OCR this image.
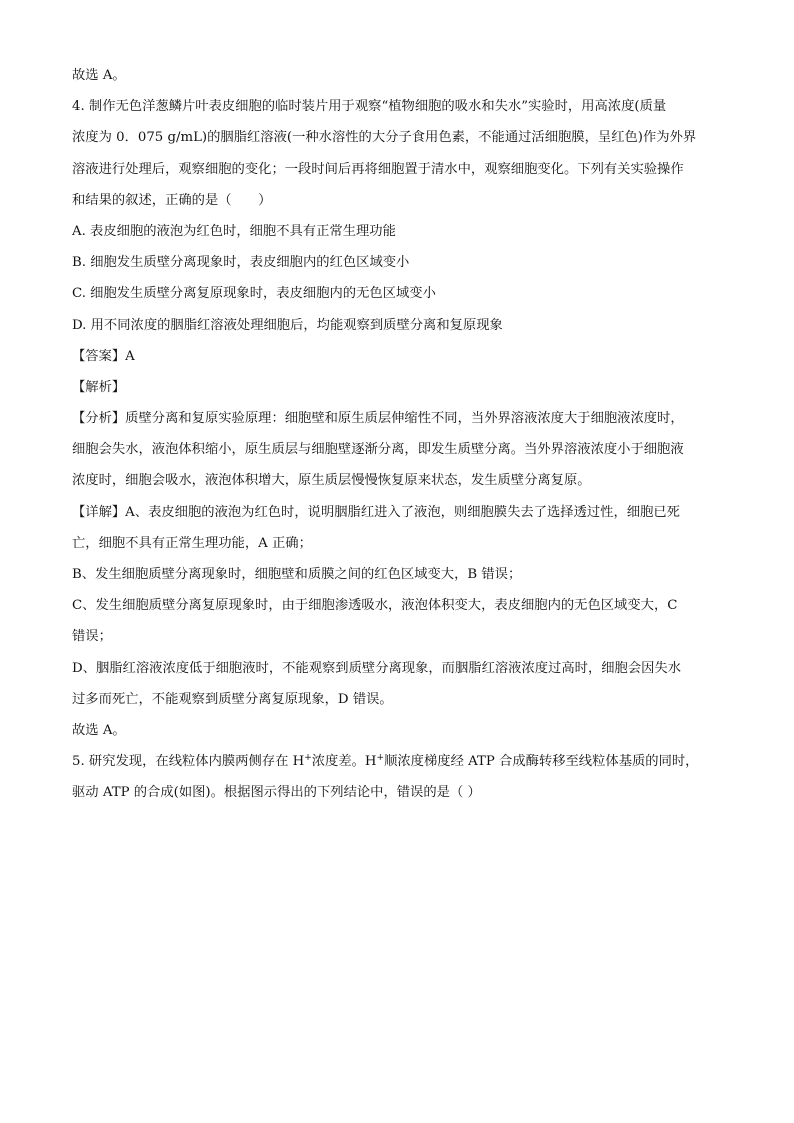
故选 A。
4. 制作无色洋葱鳞片叶表皮细胞的临时装片用于观察“植物细胞的吸水和失水”实验时，用高浓度(质量
浓度为 0．075 g/mL)的胭脂红溶液(一种水溶性的大分子食用色素，不能通过活细胞膜，呈红色)作为外界
溶液进行处理后，观察细胞的变化；一段时间后再将细胞置于清水中，观察细胞变化。下列有关实验操作
和结果的叙述，正确的是（　　）
A. 表皮细胞的液泡为红色时，细胞不具有正常生理功能
B. 细胞发生质壁分离现象时，表皮细胞内的红色区域变小
C. 细胞发生质壁分离复原现象时，表皮细胞内的无色区域变小
D. 用不同浓度的胭脂红溶液处理细胞后，均能观察到质壁分离和复原现象
【答案】A
【解析】
【分析】质壁分离和复原实验原理：细胞壁和原生质层伸缩性不同，当外界溶液浓度大于细胞液浓度时，
细胞会失水，液泡体积缩小，原生质层与细胞壁逐渐分离，即发生质壁分离。当外界溶液浓度小于细胞液
浓度时，细胞会吸水，液泡体积增大，原生质层慢慢恢复原来状态，发生质壁分离复原。
【详解】A、表皮细胞的液泡为红色时，说明胭脂红进入了液泡，则细胞膜失去了选择透过性，细胞已死
亡，细胞不具有正常生理功能，A 正确；
B、发生细胞质壁分离现象时，细胞壁和质膜之间的红色区域变大，B 错误；
C、发生细胞质壁分离复原现象时，由于细胞渗透吸水，液泡体积变大，表皮细胞内的无色区域变大，C
错误；
D、胭脂红溶液浓度低于细胞液时，不能观察到质壁分离现象，而胭脂红溶液浓度过高时，细胞会因失水
过多而死亡，不能观察到质壁分离复原现象，D 错误。
故选 A。
5. 研究发现，在线粒体内膜两侧存在 H+浓度差。H+顺浓度梯度经 ATP 合成酶转移至线粒体基质的同时，
驱动 ATP 的合成(如图)。根据图示得出的下列结论中，错误的是（ ）
